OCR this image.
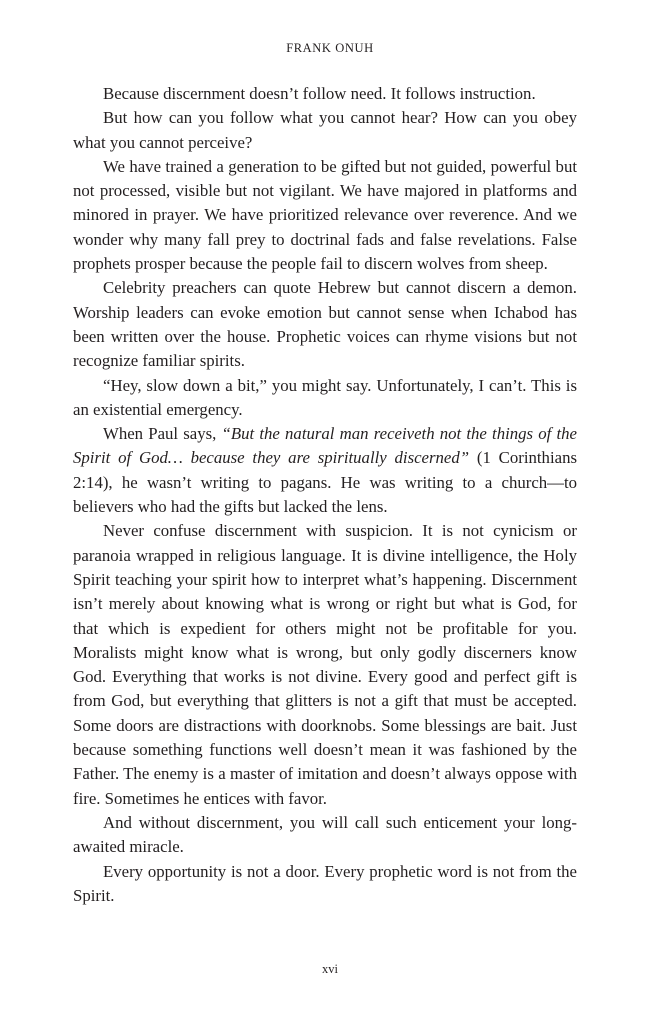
FRANK ONUH

Because discernment doesn’t follow need. It follows instruction.

But how can you follow what you cannot hear? How can you obey what you cannot perceive?

We have trained a generation to be gifted but not guided, powerful but not processed, visible but not vigilant. We have majored in platforms and minored in prayer. We have prioritized relevance over reverence. And we wonder why many fall prey to doctrinal fads and false revelations. False prophets prosper because the people fail to discern wolves from sheep.

Celebrity preachers can quote Hebrew but cannot discern a demon. Worship leaders can evoke emotion but cannot sense when Ichabod has been written over the house. Prophetic voices can rhyme visions but not recognize familiar spirits.

“Hey, slow down a bit,” you might say. Unfortunately, I can’t. This is an existential emergency.

When Paul says, “But the natural man receiveth not the things of the Spirit of God… because they are spiritually discerned” (1 Corinthians 2:14), he wasn’t writing to pagans. He was writing to a church—to believers who had the gifts but lacked the lens.

Never confuse discernment with suspicion. It is not cynicism or paranoia wrapped in religious language. It is divine intelligence, the Holy Spirit teaching your spirit how to interpret what’s happening. Discernment isn’t merely about knowing what is wrong or right but what is God, for that which is expedient for others might not be profitable for you. Moralists might know what is wrong, but only godly discerners know God. Everything that works is not divine. Every good and perfect gift is from God, but everything that glitters is not a gift that must be accepted. Some doors are distractions with doorknobs. Some blessings are bait. Just because something functions well doesn’t mean it was fashioned by the Father. The enemy is a master of imitation and doesn’t always oppose with fire. Sometimes he entices with favor.

And without discernment, you will call such enticement your long-awaited miracle.

Every opportunity is not a door. Every prophetic word is not from the Spirit.

xvi
